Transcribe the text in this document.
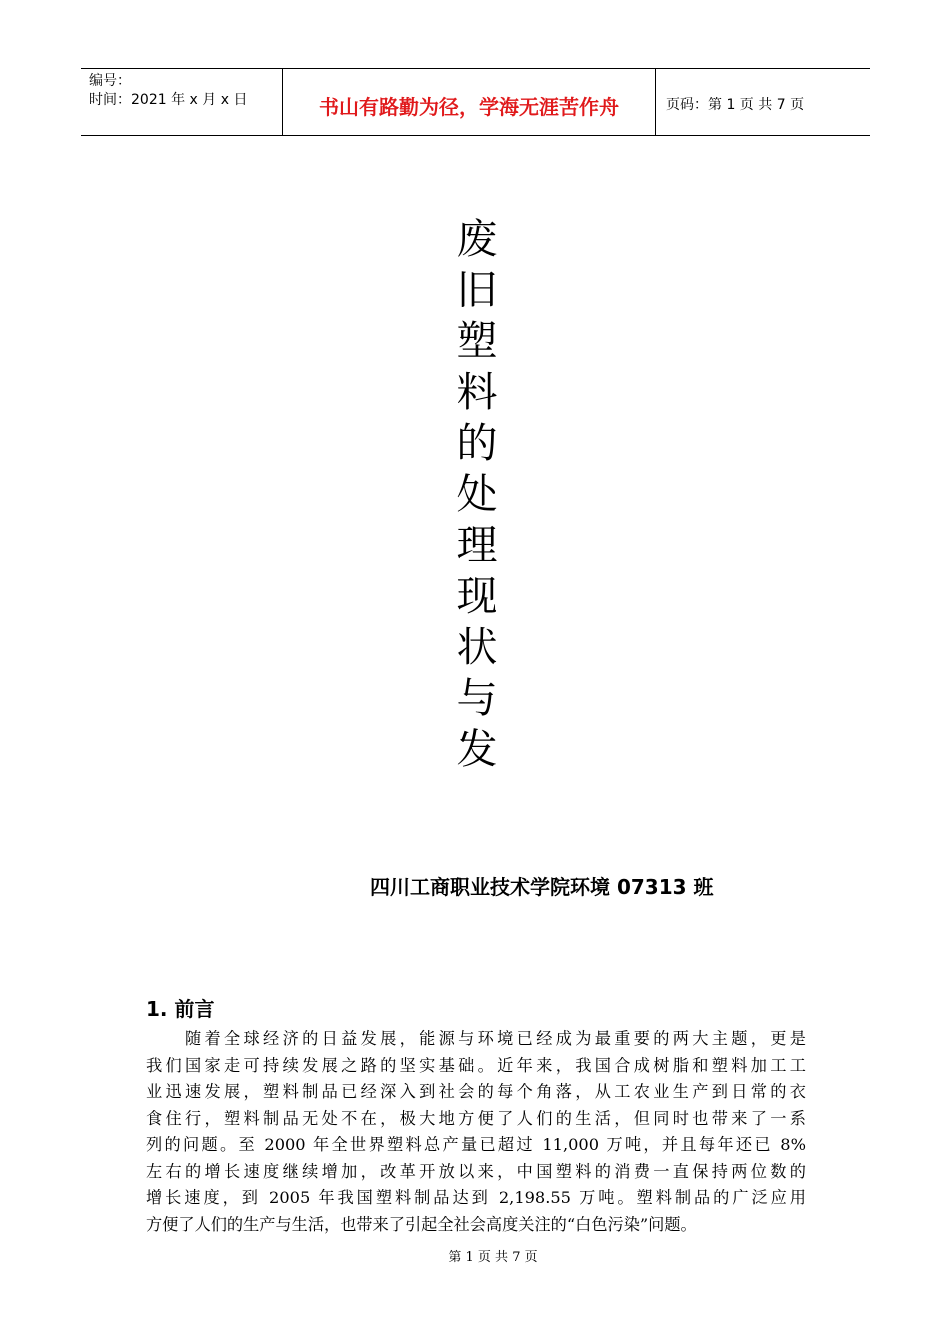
编号：
时间：2021 年 x 月 x 日	书山有路勤为径，学海无涯苦作舟	页码：第 1 页 共 7 页
废
旧
塑
料
的
处
理
现
状
与
发
四川工商职业技术学院环境 07313 班
1. 前言
　　随着全球经济的日益发展，能源与环境已经成为最重要的两大主题，更是
我们国家走可持续发展之路的坚实基础。近年来，我国合成树脂和塑料加工工
业迅速发展，塑料制品已经深入到社会的每个角落，从工农业生产到日常的衣
食住行，塑料制品无处不在，极大地方便了人们的生活，但同时也带来了一系
列的问题。至 2000 年全世界塑料总产量已超过 11,000 万吨，并且每年还已 8%
左右的增长速度继续增加，改革开放以来，中国塑料的消费一直保持两位数的
增长速度，到 2005 年我国塑料制品达到 2,198.55 万吨。塑料制品的广泛应用
方便了人们的生产与生活，也带来了引起全社会高度关注的“白色污染”问题。
第 1 页 共 7 页
